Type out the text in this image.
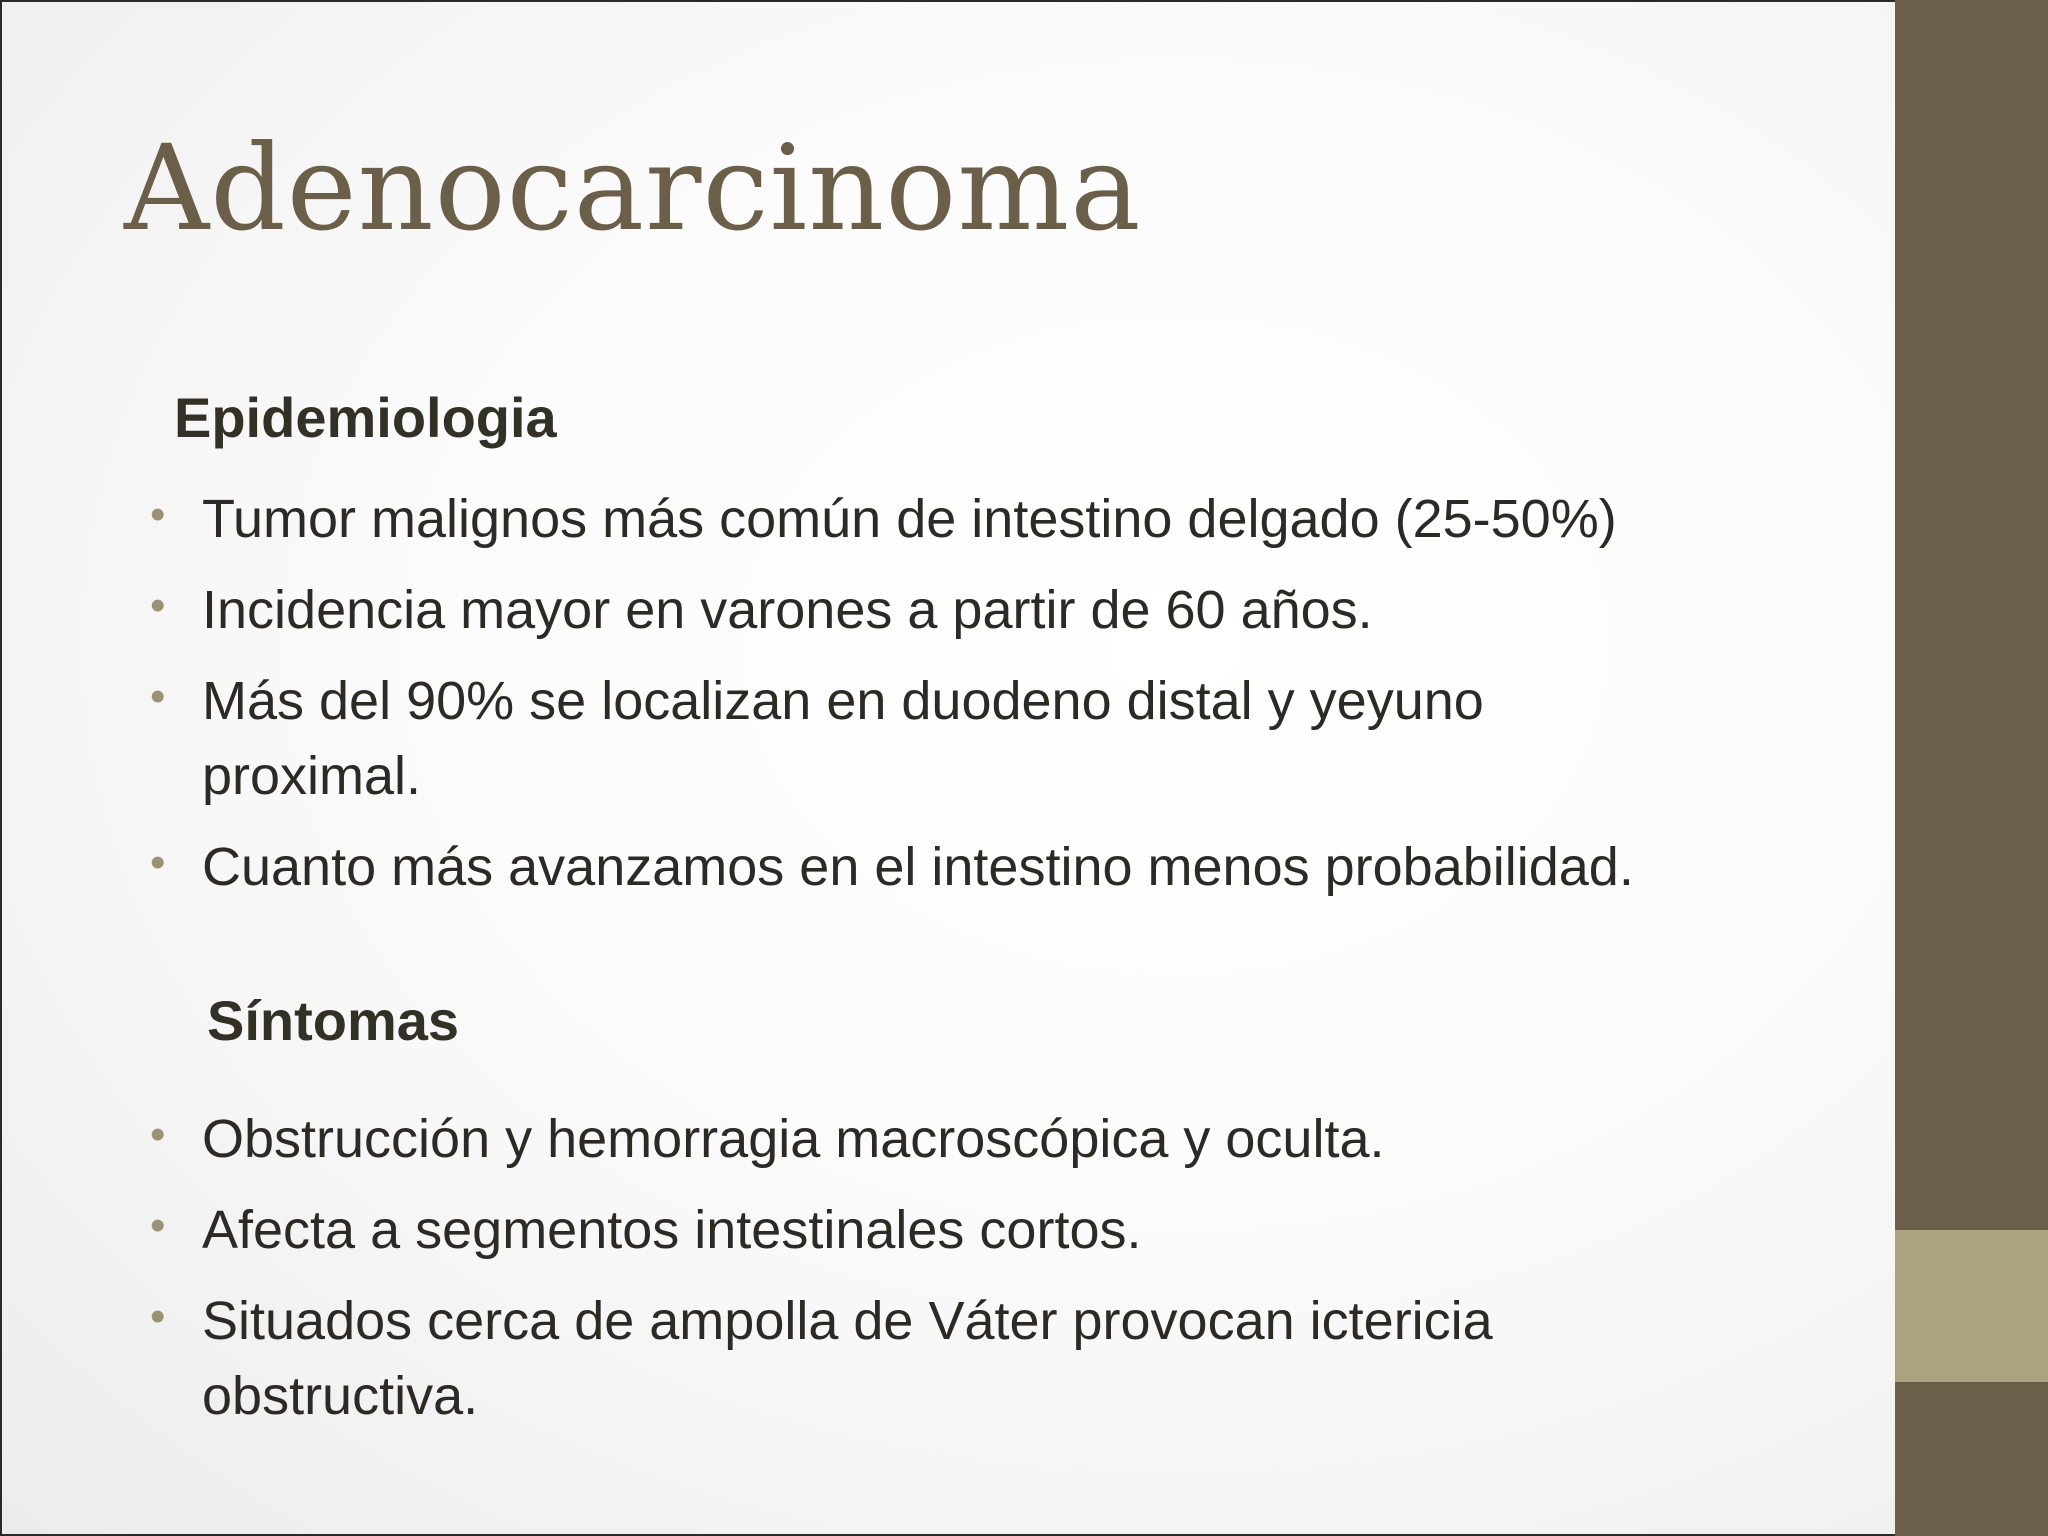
Adenocarcinoma
Epidemiologia
• Tumor malignos más común de intestino delgado (25-50%)
• Incidencia mayor en varones a partir de 60 años.
• Más del 90% se localizan en duodeno distal y yeyuno proximal.
• Cuanto más avanzamos en el intestino menos probabilidad.
Síntomas
• Obstrucción y hemorragia macroscópica y oculta.
• Afecta a segmentos intestinales cortos.
• Situados cerca de ampolla de Váter provocan ictericia obstructiva.
